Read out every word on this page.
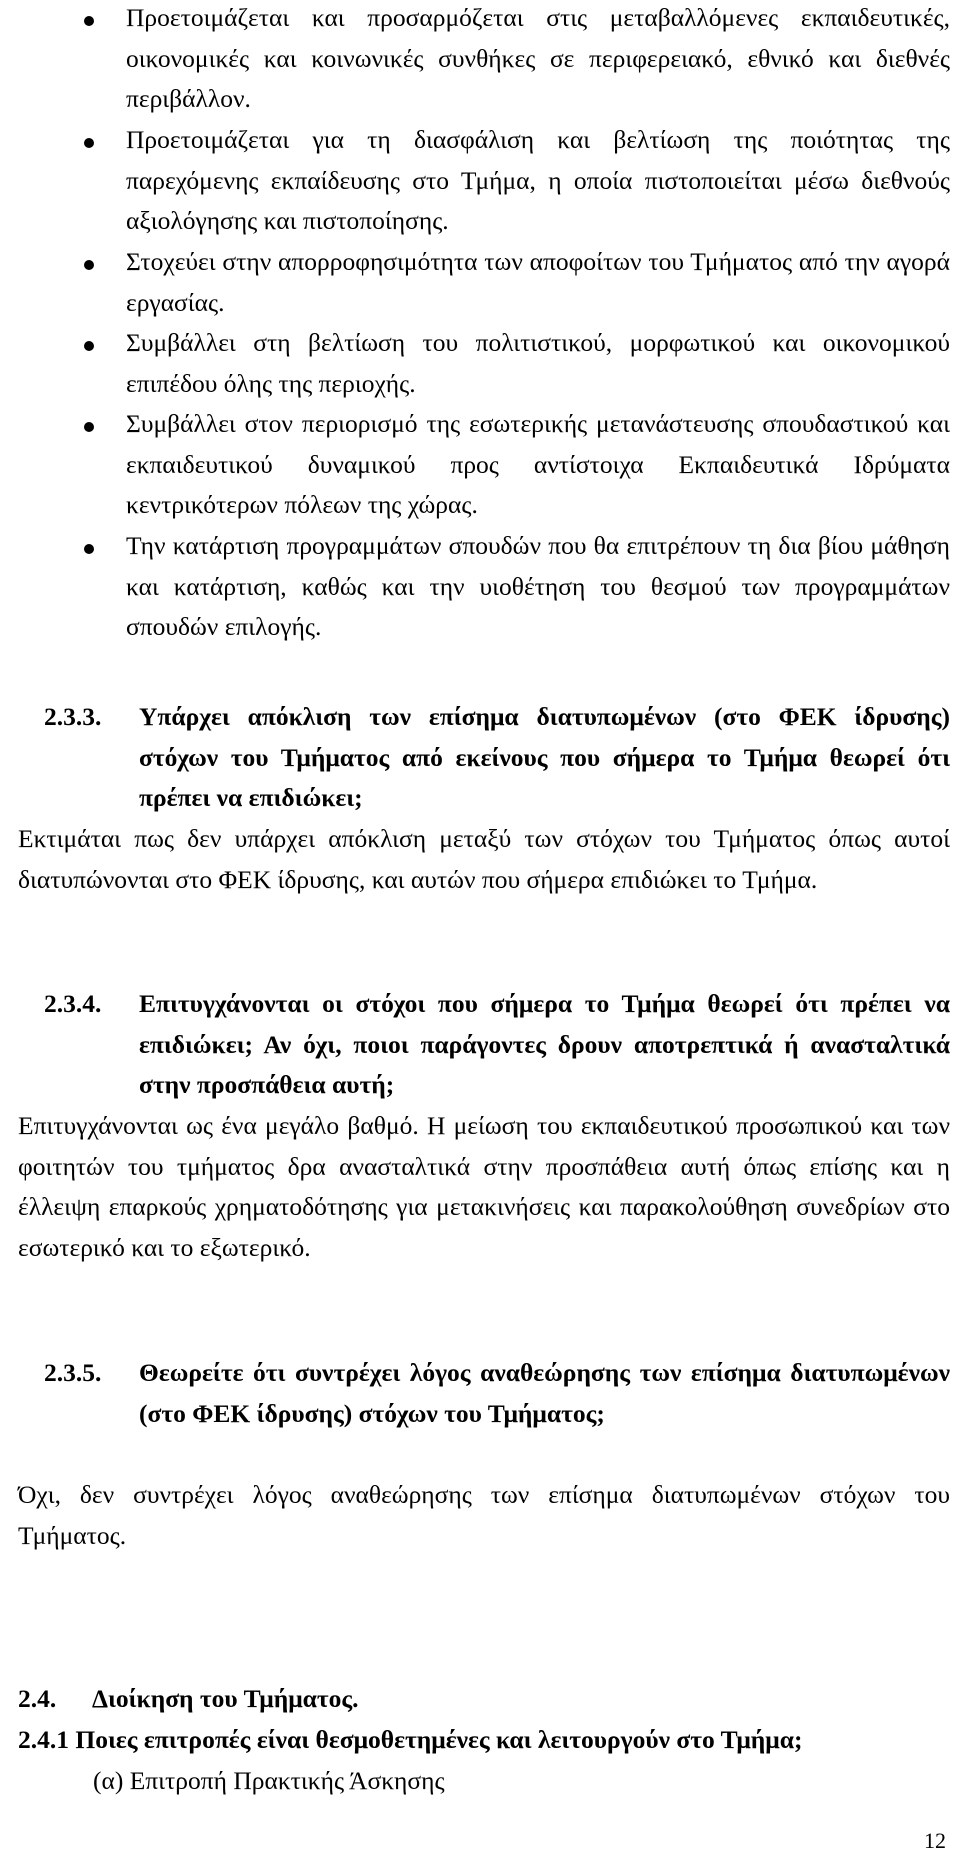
Προετοιμάζεται και προσαρμόζεται στις μεταβαλλόμενες εκπαιδευτικές, οικονομικές και κοινωνικές συνθήκες σε περιφερειακό, εθνικό και διεθνές περιβάλλον.
Προετοιμάζεται για τη διασφάλιση και βελτίωση της ποιότητας της παρεχόμενης εκπαίδευσης στο Τμήμα, η οποία πιστοποιείται μέσω διεθνούς αξιολόγησης και πιστοποίησης.
Στοχεύει στην απορροφησιμότητα των αποφοίτων του Τμήματος από την αγορά εργασίας.
Συμβάλλει στη βελτίωση του πολιτιστικού, μορφωτικού και οικονομικού επιπέδου όλης της περιοχής.
Συμβάλλει στον περιορισμό της εσωτερικής μετανάστευσης σπουδαστικού και εκπαιδευτικού δυναμικού προς αντίστοιχα Εκπαιδευτικά Ιδρύματα κεντρικότερων πόλεων της χώρας.
Την κατάρτιση προγραμμάτων σπουδών που θα επιτρέπουν τη δια βίου μάθηση και κατάρτιση, καθώς και την υιοθέτηση του θεσμού των προγραμμάτων σπουδών επιλογής.
2.3.3. Υπάρχει απόκλιση των επίσημα διατυπωμένων (στο ΦΕΚ ίδρυσης) στόχων του Τμήματος από εκείνους που σήμερα το Τμήμα θεωρεί ότι πρέπει να επιδιώκει;
Εκτιμάται πως δεν υπάρχει απόκλιση μεταξύ των στόχων του Τμήματος όπως αυτοί διατυπώνονται στο ΦΕΚ ίδρυσης, και αυτών που σήμερα επιδιώκει το Τμήμα.
2.3.4. Επιτυγχάνονται οι στόχοι που σήμερα το Τμήμα θεωρεί ότι πρέπει να επιδιώκει; Αν όχι, ποιοι παράγοντες δρουν αποτρεπτικά ή ανασταλτικά στην προσπάθεια αυτή;
Επιτυγχάνονται ως ένα μεγάλο βαθμό. Η μείωση του εκπαιδευτικού προσωπικού και των φοιτητών του τμήματος δρα ανασταλτικά στην προσπάθεια αυτή όπως επίσης και η έλλειψη επαρκούς χρηματοδότησης για μετακινήσεις και παρακολούθηση συνεδρίων στο εσωτερικό και το εξωτερικό.
2.3.5. Θεωρείτε ότι συντρέχει λόγος αναθεώρησης των επίσημα διατυπωμένων (στο ΦΕΚ ίδρυσης) στόχων του Τμήματος;
Όχι, δεν συντρέχει λόγος αναθεώρησης των επίσημα διατυπωμένων στόχων του Τμήματος.
2.4. Διοίκηση του Τμήματος.
2.4.1 Ποιες επιτροπές είναι θεσμοθετημένες και λειτουργούν στο Τμήμα;
(α) Επιτροπή Πρακτικής Άσκησης
12
